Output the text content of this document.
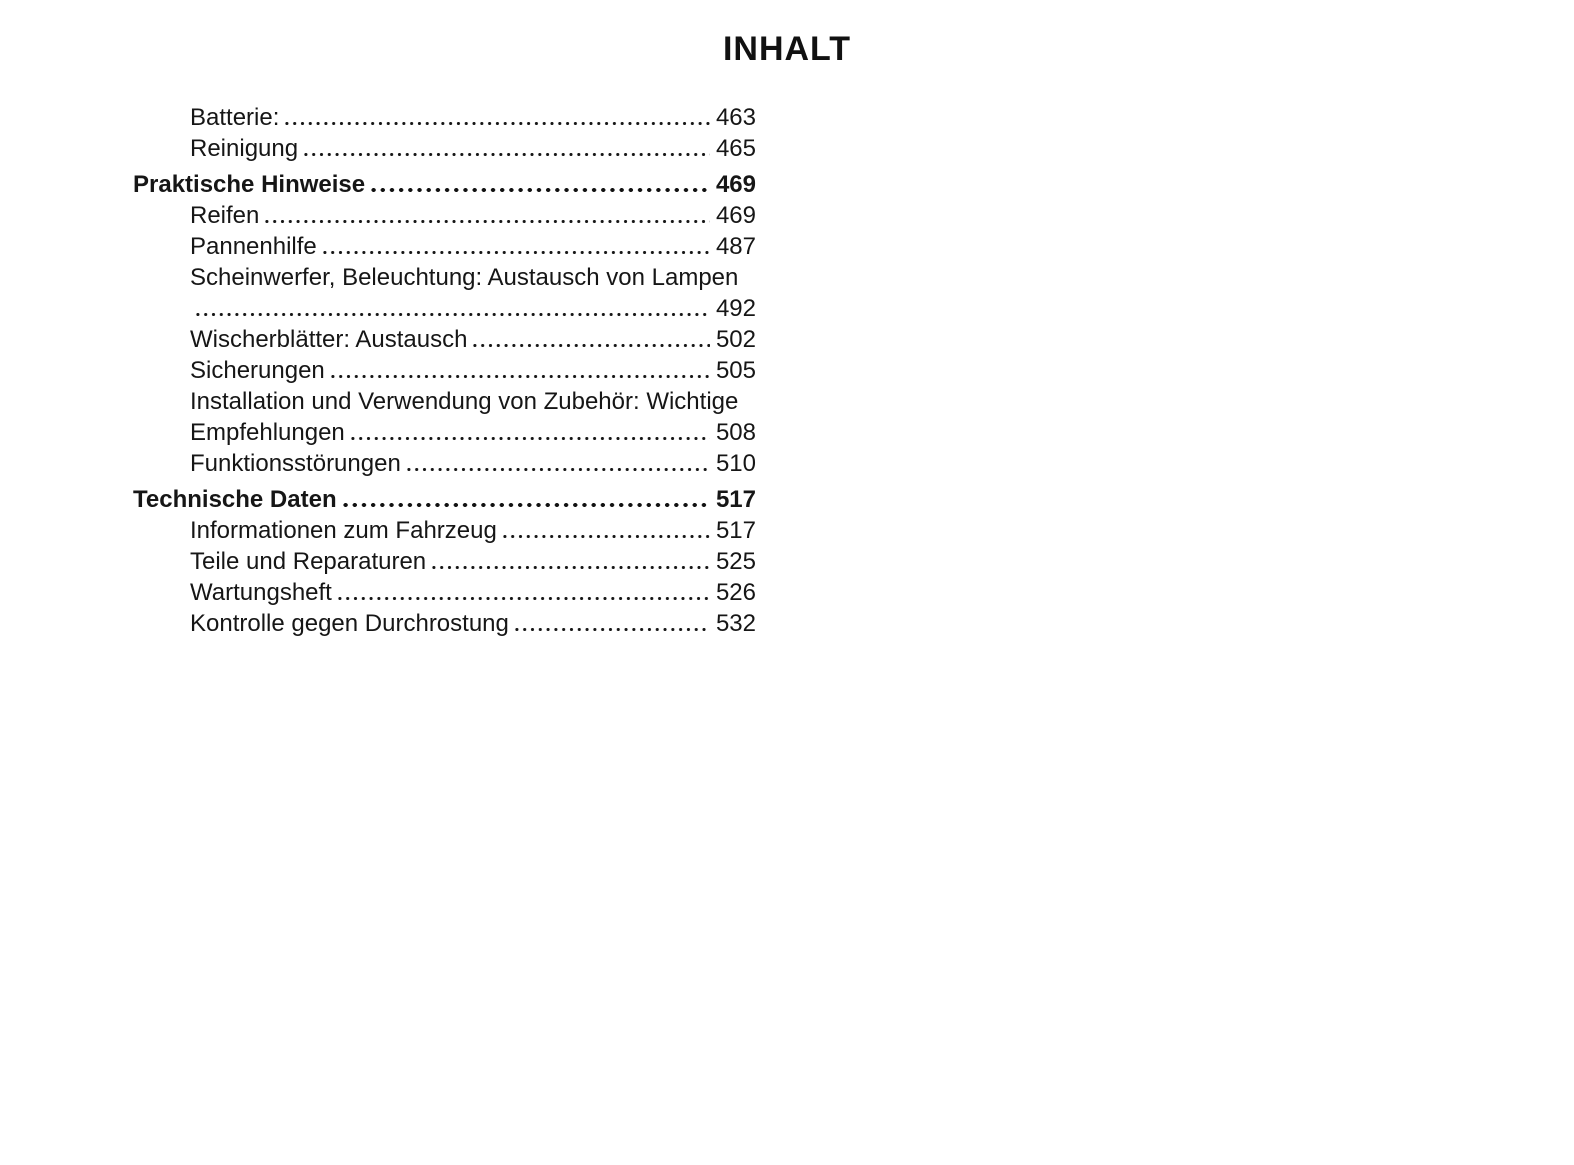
INHALT
Batterie:	463
Reinigung	465
Praktische Hinweise	469
Reifen	469
Pannenhilfe	487
Scheinwerfer, Beleuchtung: Austausch von Lampen
492
Wischerblätter: Austausch	502
Sicherungen	505
Installation und Verwendung von Zubehör: Wichtige
Empfehlungen	508
Funktionsstörungen	510
Technische Daten	517
Informationen zum Fahrzeug	517
Teile und Reparaturen	525
Wartungsheft	526
Kontrolle gegen Durchrostung	532
